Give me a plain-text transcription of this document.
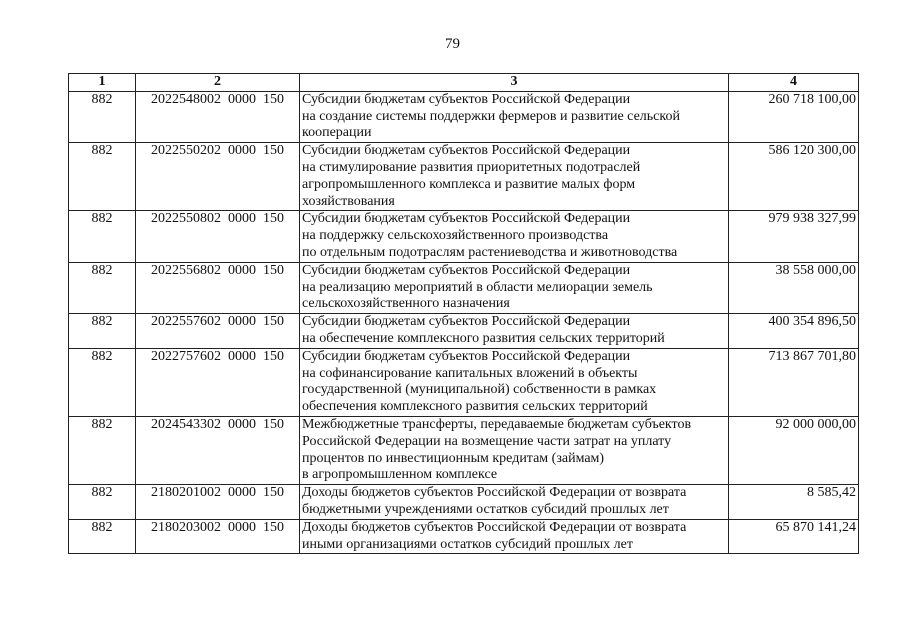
79
1	2	3	4
882	2022548002  0000  150	Субсидии бюджетам субъектов Российской Федерации
на создание системы поддержки фермеров и развитие сельской
кооперации	260 718 100,00
882	2022550202  0000  150	Субсидии бюджетам субъектов Российской Федерации
на стимулирование развития приоритетных подотраслей
агропромышленного комплекса и развитие малых форм
хозяйствования	586 120 300,00
882	2022550802  0000  150	Субсидии бюджетам субъектов Российской Федерации
на поддержку сельскохозяйственного производства
по отдельным подотраслям растениеводства и животноводства	979 938 327,99
882	2022556802  0000  150	Субсидии бюджетам субъектов Российской Федерации
на реализацию мероприятий в области мелиорации земель
сельскохозяйственного назначения	38 558 000,00
882	2022557602  0000  150	Субсидии бюджетам субъектов Российской Федерации
на обеспечение комплексного развития сельских территорий	400 354 896,50
882	2022757602  0000  150	Субсидии бюджетам субъектов Российской Федерации
на софинансирование капитальных вложений в объекты
государственной (муниципальной) собственности в рамках
обеспечения комплексного развития сельских территорий	713 867 701,80
882	2024543302  0000  150	Межбюджетные трансферты, передаваемые бюджетам субъектов
Российской Федерации на возмещение части затрат на уплату
процентов по инвестиционным кредитам (займам)
в агропромышленном комплексе	92 000 000,00
882	2180201002  0000  150	Доходы бюджетов субъектов Российской Федерации от возврата
бюджетными учреждениями остатков субсидий прошлых лет	8 585,42
882	2180203002  0000  150	Доходы бюджетов субъектов Российской Федерации от возврата
иными организациями остатков субсидий прошлых лет	65 870 141,24
